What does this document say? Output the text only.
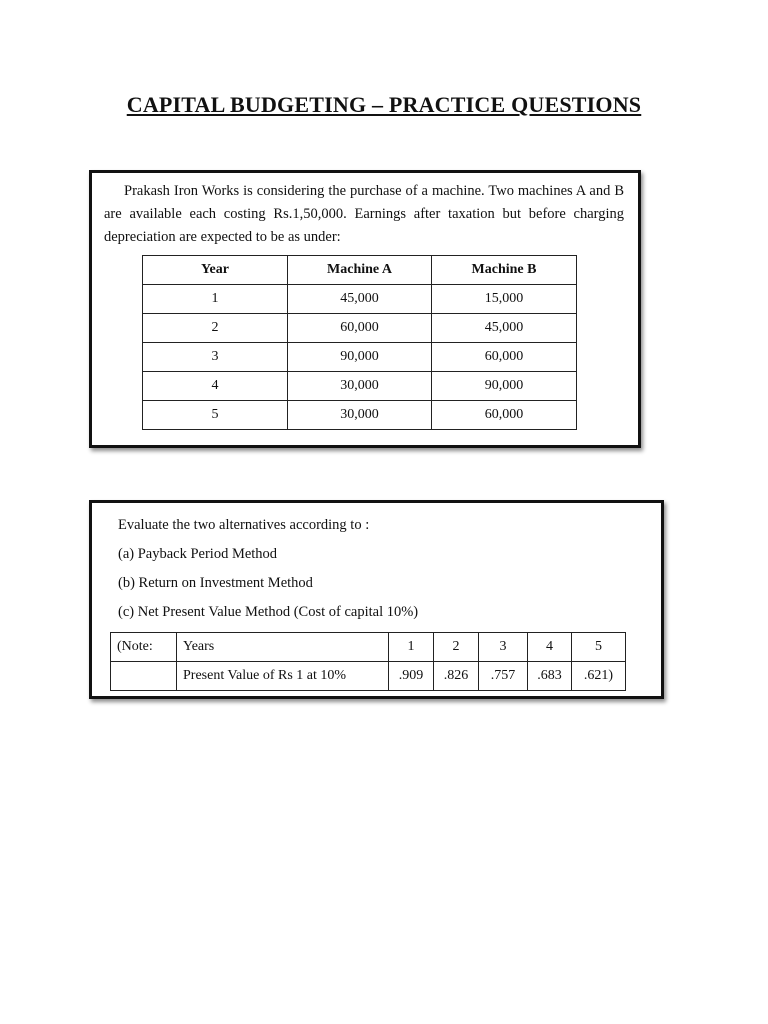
CAPITAL BUDGETING – PRACTICE QUESTIONS
Prakash Iron Works is considering the purchase of a machine. Two machines A and B are available each costing Rs.1,50,000. Earnings after taxation but before charging depreciation are expected to be as under:
Year	Machine A	Machine B
1	45,000	15,000
2	60,000	45,000
3	90,000	60,000
4	30,000	90,000
5	30,000	60,000
Evaluate the two alternatives according to :
(a) Payback Period Method
(b) Return on Investment Method
(c) Net Present Value Method (Cost of capital 10%)
(Note:	Years	1	2	3	4	5
	Present Value of Rs 1 at 10%	.909	.826	.757	.683	.621)
